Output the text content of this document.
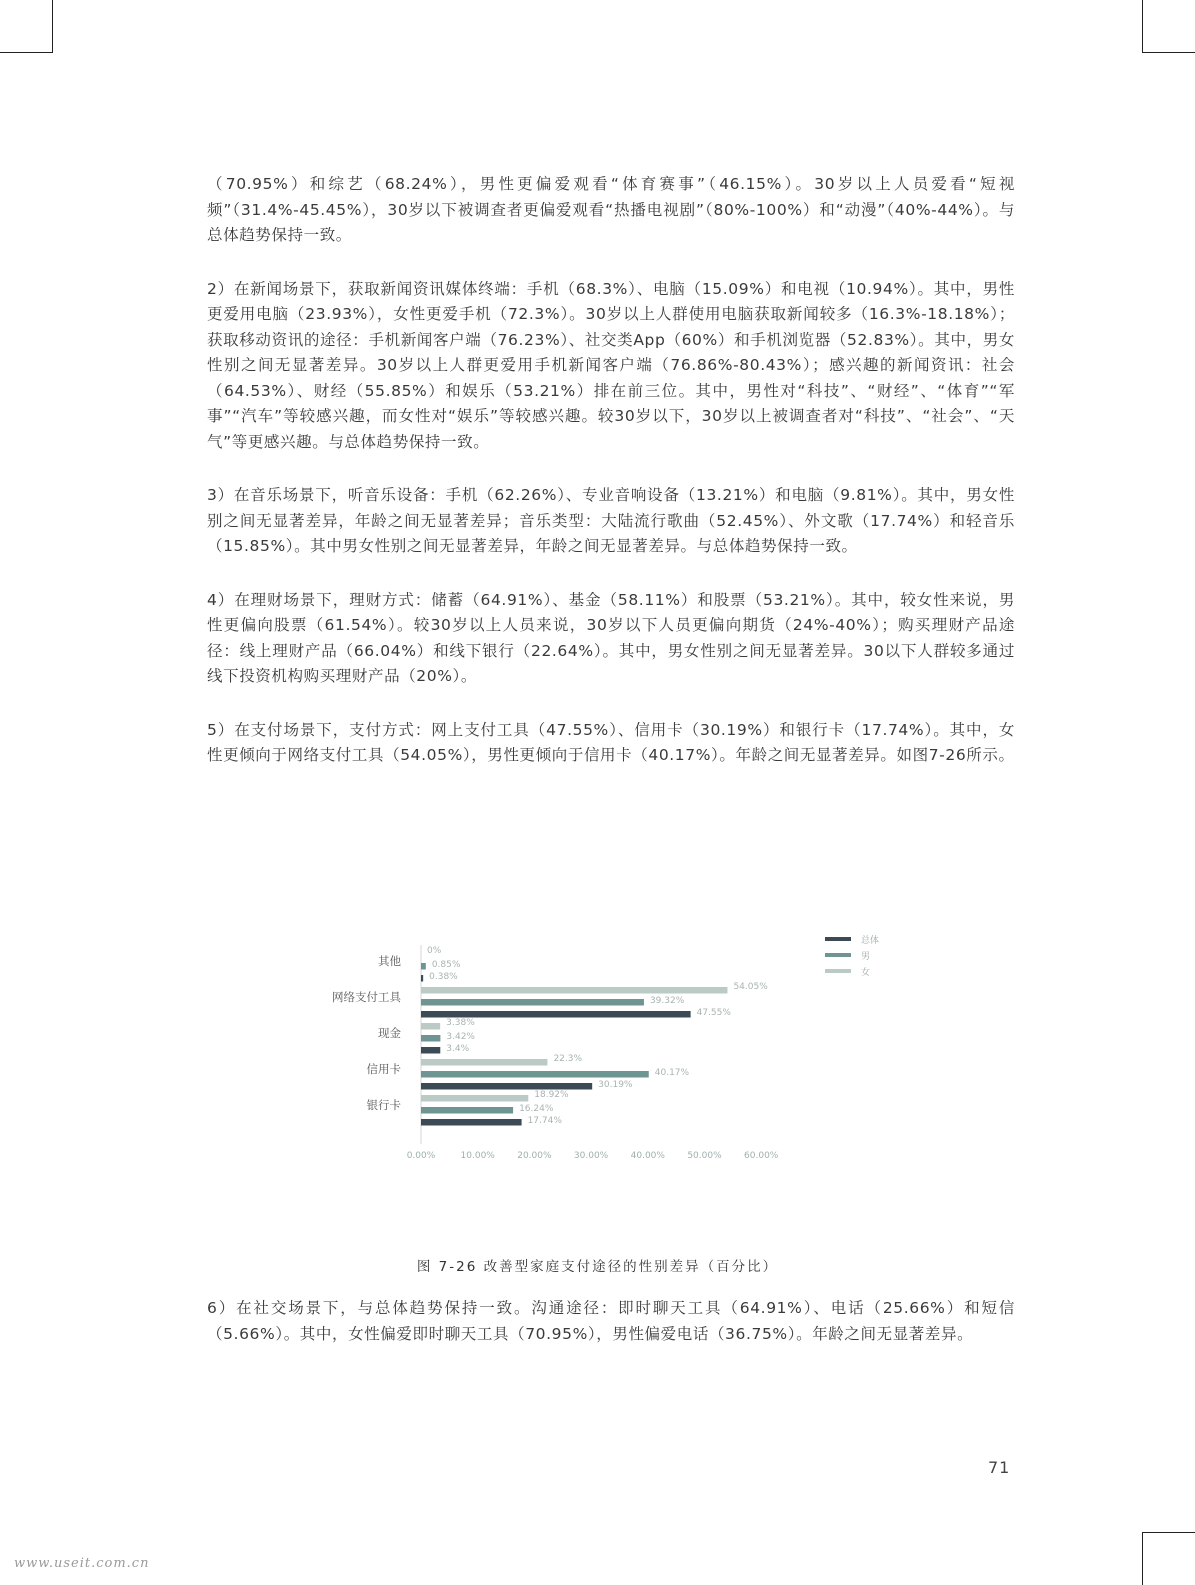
（70.95%）和综艺（68.24%），男性更偏爱观看“体育赛事”（46.15%）。30岁以上人员爱看“短视频”（31.4%-45.45%），30岁以下被调查者更偏爱观看“热播电视剧”（80%-100%）和“动漫”（40%-44%）。与总体趋势保持一致。

2）在新闻场景下，获取新闻资讯媒体终端：手机（68.3%）、电脑（15.09%）和电视（10.94%）。其中，男性更爱用电脑（23.93%），女性更爱手机（72.3%）。30岁以上人群使用电脑获取新闻较多（16.3%-18.18%）；获取移动资讯的途径：手机新闻客户端（76.23%）、社交类App（60%）和手机浏览器（52.83%）。其中，男女性别之间无显著差异。30岁以上人群更爱用手机新闻客户端（76.86%-80.43%）；感兴趣的新闻资讯：社会（64.53%）、财经（55.85%）和娱乐（53.21%）排在前三位。其中，男性对“科技”、“财经”、“体育”“军事”“汽车”等较感兴趣，而女性对“娱乐”等较感兴趣。较30岁以下，30岁以上被调查者对“科技”、“社会”、“天气”等更感兴趣。与总体趋势保持一致。

3）在音乐场景下，听音乐设备：手机（62.26%）、专业音响设备（13.21%）和电脑（9.81%）。其中，男女性别之间无显著差异，年龄之间无显著差异；音乐类型：大陆流行歌曲（52.45%）、外文歌（17.74%）和轻音乐（15.85%）。其中男女性别之间无显著差异，年龄之间无显著差异。与总体趋势保持一致。

4）在理财场景下，理财方式：储蓄（64.91%）、基金（58.11%）和股票（53.21%）。其中，较女性来说，男性更偏向股票（61.54%）。较30岁以上人员来说，30岁以下人员更偏向期货（24%-40%）；购买理财产品途径：线上理财产品（66.04%）和线下银行（22.64%）。其中，男女性别之间无显著差异。30以下人群较多通过线下投资机构购买理财产品（20%）。

5）在支付场景下，支付方式：网上支付工具（47.55%）、信用卡（30.19%）和银行卡（17.74%）。其中，女性更倾向于网络支付工具（54.05%），男性更倾向于信用卡（40.17%）。年龄之间无显著差异。如图7-26所示。

其他
0%
0.85%
0.38%
网络支付工具
54.05%
39.32%
47.55%
现金
3.38%
3.42%
3.4%
信用卡
22.3%
40.17%
30.19%
银行卡
18.92%
16.24%
17.74%
0.00%	10.00% 20.00% 30.00% 40.00% 50.00% 60.00%
总体
男
女
图 7-26 改善型家庭支付途径的性别差异（百分比）

6）在社交场景下，与总体趋势保持一致。沟通途径：即时聊天工具（64.91%）、电话（25.66%）和短信（5.66%）。其中，女性偏爱即时聊天工具（70.95%），男性偏爱电话（36.75%）。年龄之间无显著差异。

71
www.useit.com.cn
